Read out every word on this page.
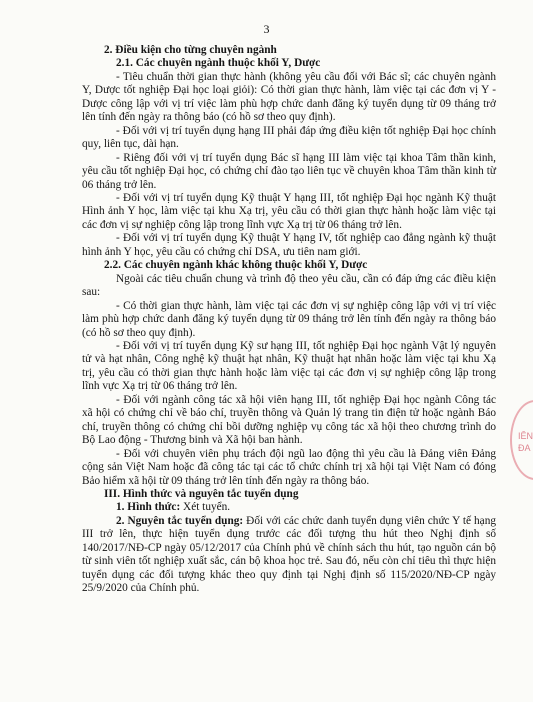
3

2. Điều kiện cho từng chuyên ngành

2.1. Các chuyên ngành thuộc khối Y, Dược

- Tiêu chuẩn thời gian thực hành (không yêu cầu đối với Bác sĩ; các chuyên ngành Y, Dược tốt nghiệp Đại học loại giỏi): Có thời gian thực hành, làm việc tại các đơn vị Y - Dược công lập với vị trí việc làm phù hợp chức danh đăng ký tuyển dụng từ 09 tháng trở lên tính đến ngày ra thông báo (có hồ sơ theo quy định).

- Đối với vị trí tuyển dụng hạng III phải đáp ứng điều kiện tốt nghiệp Đại học chính quy, liên tục, dài hạn.

- Riêng đối với vị trí tuyển dụng Bác sĩ hạng III làm việc tại khoa Tâm thần kinh, yêu cầu tốt nghiệp Đại học, có chứng chỉ đào tạo liên tục về chuyên khoa Tâm thần kinh từ 06 tháng trở lên.

- Đối với vị trí tuyển dụng Kỹ thuật Y hạng III, tốt nghiệp Đại học ngành Kỹ thuật Hình ảnh Y học, làm việc tại khu Xạ trị, yêu cầu có thời gian thực hành hoặc làm việc tại các đơn vị sự nghiệp công lập trong lĩnh vực Xạ trị từ 06 tháng trở lên.

- Đối với vị trí tuyển dụng Kỹ thuật Y hạng IV, tốt nghiệp cao đẳng ngành kỹ thuật hình ảnh Y học, yêu cầu có chứng chỉ DSA, ưu tiên nam giới.

2.2. Các chuyên ngành khác không thuộc khối Y, Dược

Ngoài các tiêu chuẩn chung và trình độ theo yêu cầu, cần có đáp ứng các điều kiện sau:

- Có thời gian thực hành, làm việc tại các đơn vị sự nghiệp công lập với vị trí việc làm phù hợp chức danh đăng ký tuyển dụng từ 09 tháng trở lên tính đến ngày ra thông báo (có hồ sơ theo quy định).

- Đối với vị trí tuyển dụng Kỹ sư hạng III, tốt nghiệp Đại học ngành Vật lý nguyên tử và hạt nhân, Công nghệ kỹ thuật hạt nhân, Kỹ thuật hạt nhân hoặc làm việc tại khu Xạ trị, yêu cầu có thời gian thực hành hoặc làm việc tại các đơn vị sự nghiệp công lập trong lĩnh vực Xạ trị từ 06 tháng trở lên.

- Đối với ngành công tác xã hội viên hạng III, tốt nghiệp Đại học ngành Công tác xã hội có chứng chỉ về báo chí, truyền thông và Quản lý trang tin điện tử hoặc ngành Báo chí, truyền thông có chứng chỉ bồi dưỡng nghiệp vụ công tác xã hội theo chương trình do Bộ Lao động - Thương binh và Xã hội ban hành.

- Đối với chuyên viên phụ trách đội ngũ lao động thì yêu cầu là Đảng viên Đảng cộng sản Việt Nam hoặc đã công tác tại các tổ chức chính trị xã hội tại Việt Nam có đóng Bảo hiểm xã hội từ 09 tháng trở lên tính đến ngày ra thông báo.

III. Hình thức và nguyên tắc tuyển dụng

1. Hình thức: Xét tuyển.

2. Nguyên tắc tuyển dụng: Đối với các chức danh tuyển dụng viên chức Y tế hạng III trở lên, thực hiện tuyển dụng trước các đối tượng thu hút theo Nghị định số 140/2017/NĐ-CP ngày 05/12/2017 của Chính phủ về chính sách thu hút, tạo nguồn cán bộ từ sinh viên tốt nghiệp xuất sắc, cán bộ khoa học trẻ. Sau đó, nếu còn chỉ tiêu thì thực hiện tuyển dụng các đối tượng khác theo quy định tại Nghị định số 115/2020/NĐ-CP ngày 25/9/2020 của Chính phủ.

IÊN
ĐA
